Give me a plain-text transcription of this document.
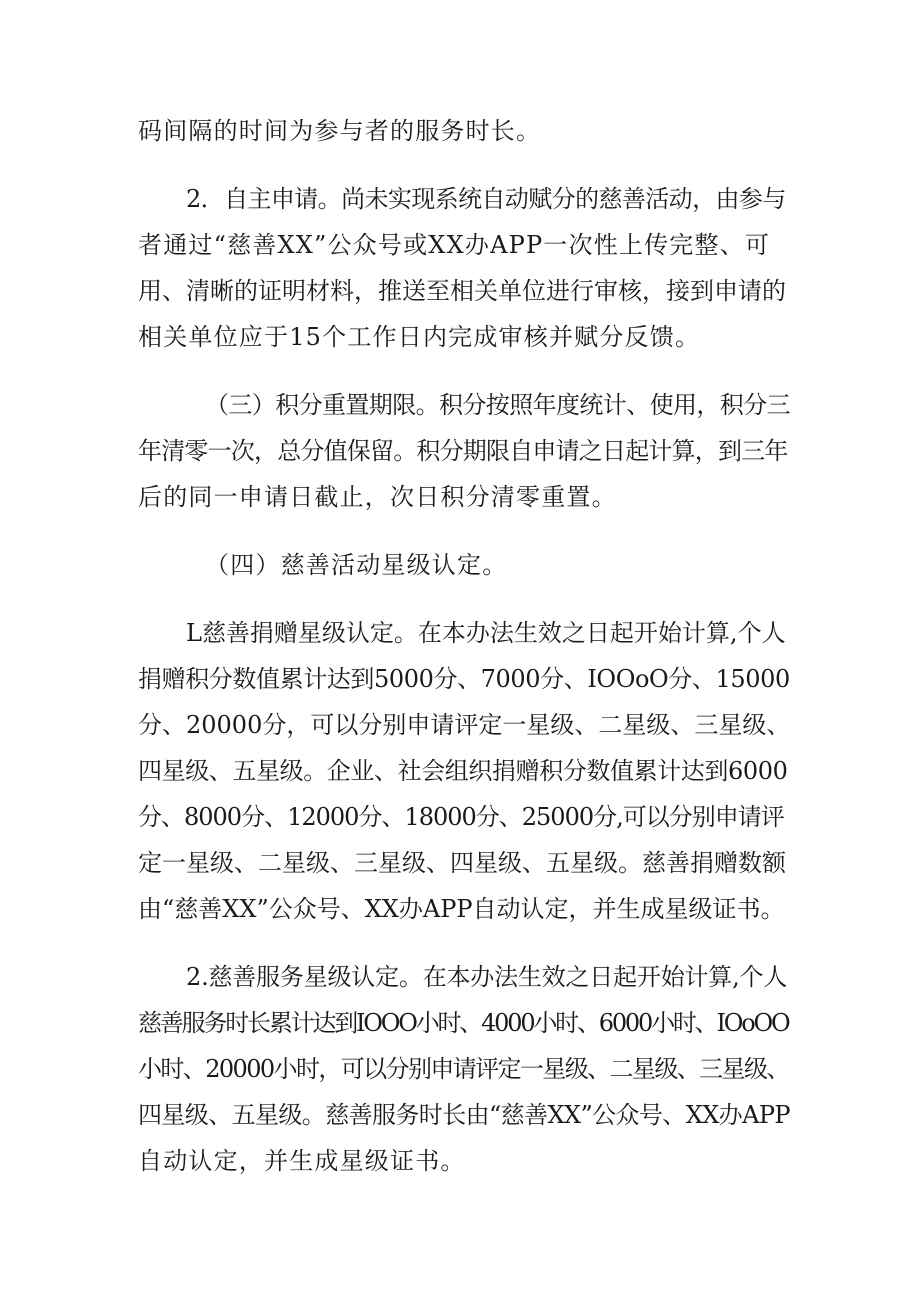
码间隔的时间为参与者的服务时长。

2．自主申请。尚未实现系统自动赋分的慈善活动，由参与

者通过“慈善XX”公众号或XX办APP一次性上传完整、可

用、清晰的证明材料，推送至相关单位进行审核，接到申请的

相关单位应于15个工作日内完成审核并赋分反馈。

（三）积分重置期限。积分按照年度统计、使用，积分三

年清零一次，总分值保留。积分期限自申请之日起计算，到三年

后的同一申请日截止，次日积分清零重置。

（四）慈善活动星级认定。

L慈善捐赠星级认定。在本办法生效之日起开始计算,个人

捐赠积分数值累计达到5000分、7000分、IOOoO分、15000

分、20000分，可以分别申请评定一星级、二星级、三星级、

四星级、五星级。企业、社会组织捐赠积分数值累计达到6000

分、8000分、12000分、18000分、25000分,可以分别申请评

定一星级、二星级、三星级、四星级、五星级。慈善捐赠数额

由“慈善XX”公众号、XX办APP自动认定，并生成星级证书。

2.慈善服务星级认定。在本办法生效之日起开始计算,个人

慈善服务时长累计达到IOOO小时、4000小时、6000小时、IOoOO

小时、20000小时，可以分别申请评定一星级、二星级、三星级、

四星级、五星级。慈善服务时长由“慈善XX”公众号、XX办APP

自动认定，并生成星级证书。
